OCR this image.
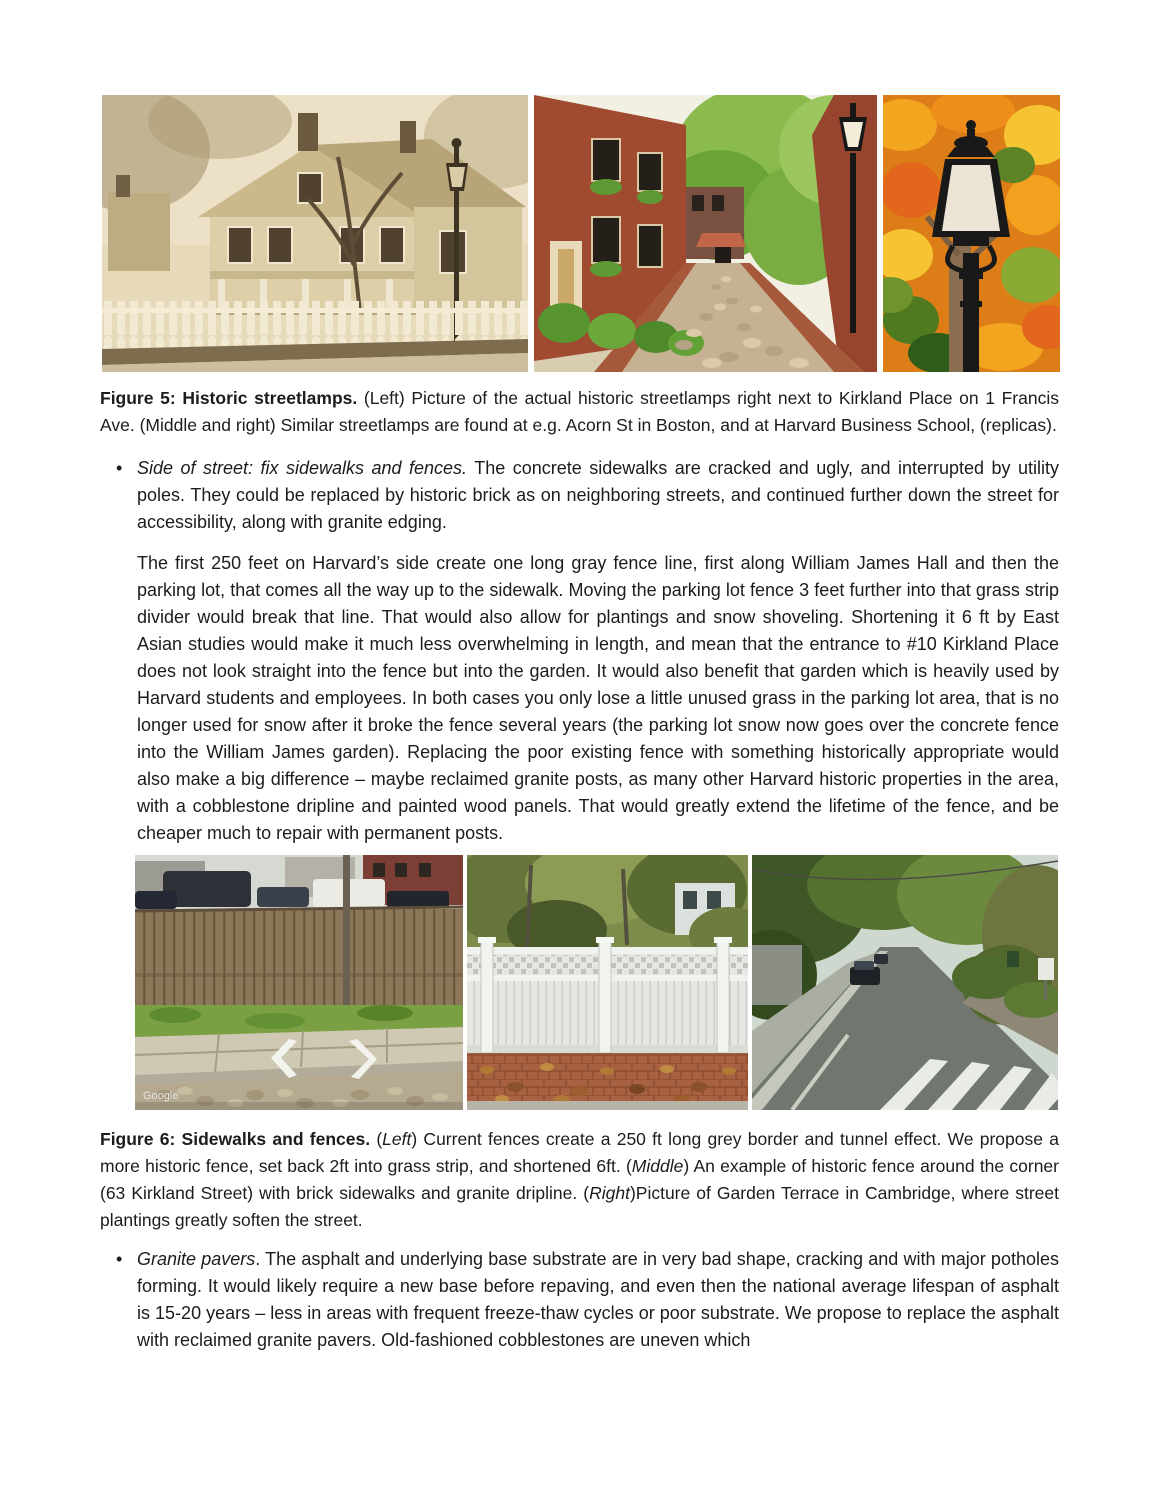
Figure 5: Historic streetlamps. (Left) Picture of the actual historic streetlamps right next to Kirkland Place on 1 Francis Ave. (Middle and right) Similar streetlamps are found at e.g. Acorn St in Boston, and at Harvard Business School, (replicas).

• Side of street: fix sidewalks and fences. The concrete sidewalks are cracked and ugly, and interrupted by utility poles. They could be replaced by historic brick as on neighboring streets, and continued further down the street for accessibility, along with granite edging.

The first 250 feet on Harvard’s side create one long gray fence line, first along William James Hall and then the parking lot, that comes all the way up to the sidewalk. Moving the parking lot fence 3 feet further into that grass strip divider would break that line. That would also allow for plantings and snow shoveling. Shortening it 6 ft by East Asian studies would make it much less overwhelming in length, and mean that the entrance to #10 Kirkland Place does not look straight into the fence but into the garden. It would also benefit that garden which is heavily used by Harvard students and employees. In both cases you only lose a little unused grass in the parking lot area, that is no longer used for snow after it broke the fence several years (the parking lot snow now goes over the concrete fence into the William James garden). Replacing the poor existing fence with something historically appropriate would also make a big difference – maybe reclaimed granite posts, as many other Harvard historic properties in the area, with a cobblestone dripline and painted wood panels. That would greatly extend the lifetime of the fence, and be cheaper much to repair with permanent posts.

Google

Figure 6: Sidewalks and fences. (Left) Current fences create a 250 ft long grey border and tunnel effect. We propose a more historic fence, set back 2ft into grass strip, and shortened 6ft. (Middle) An example of historic fence around the corner (63 Kirkland Street) with brick sidewalks and granite dripline. (Right)Picture of Garden Terrace in Cambridge, where street plantings greatly soften the street.

• Granite pavers. The asphalt and underlying base substrate are in very bad shape, cracking and with major potholes forming. It would likely require a new base before repaving, and even then the national average lifespan of asphalt is 15-20 years – less in areas with frequent freeze-thaw cycles or poor substrate. We propose to replace the asphalt with reclaimed granite pavers. Old-fashioned cobblestones are uneven which
